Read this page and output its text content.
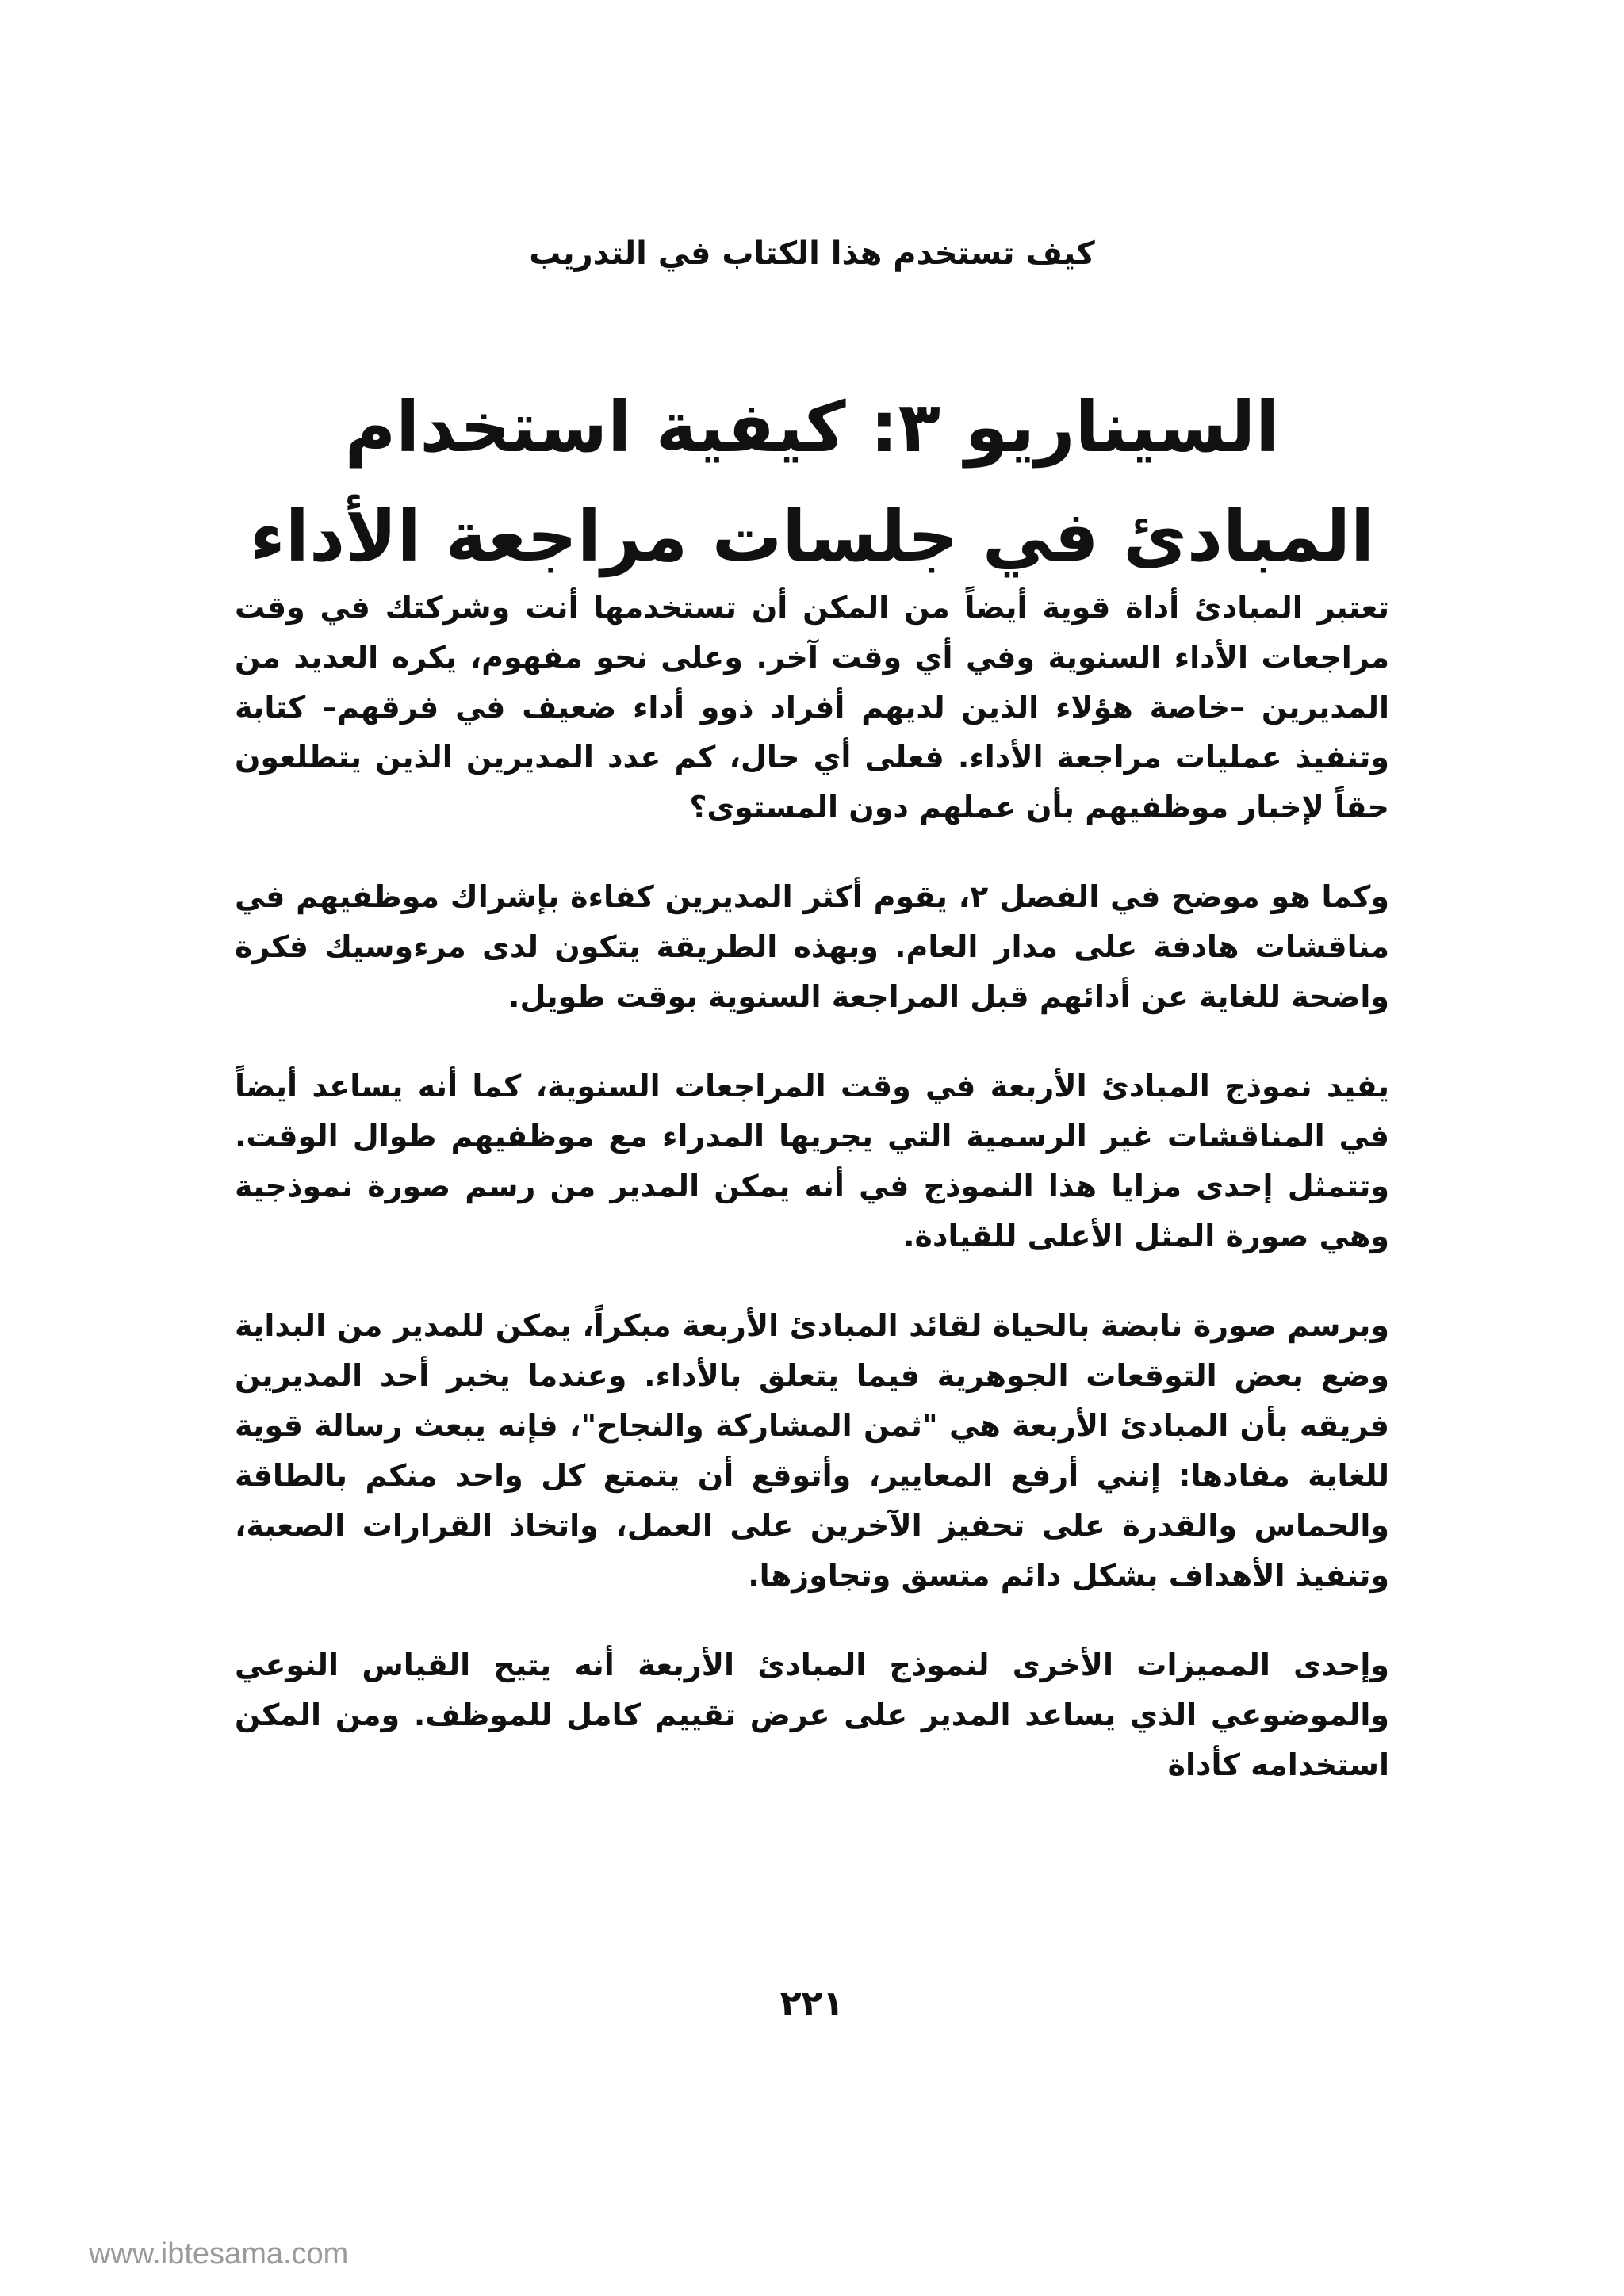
كيف تستخدم هذا الكتاب في التدريب
السيناريو ٣: كيفية استخدام المبادئ في جلسات مراجعة الأداء

تعتبر المبادئ أداة قوية أيضاً من المكن أن تستخدمها أنت وشركتك في وقت مراجعات الأداء السنوية وفي أي وقت آخر. وعلى نحو مفهوم، يكره العديد من المديرين –خاصة هؤلاء الذين لديهم أفراد ذوو أداء ضعيف في فرقهم– كتابة وتنفيذ عمليات مراجعة الأداء. فعلى أي حال، كم عدد المديرين الذين يتطلعون حقاً لإخبار موظفيهم بأن عملهم دون المستوى؟

وكما هو موضح في الفصل ٢، يقوم أكثر المديرين كفاءة بإشراك موظفيهم في مناقشات هادفة على مدار العام. وبهذه الطريقة يتكون لدى مرءوسيك فكرة واضحة للغاية عن أدائهم قبل المراجعة السنوية بوقت طويل.

يفيد نموذج المبادئ الأربعة في وقت المراجعات السنوية، كما أنه يساعد أيضاً في المناقشات غير الرسمية التي يجريها المدراء مع موظفيهم طوال الوقت. وتتمثل إحدى مزايا هذا النموذج في أنه يمكن المدير من رسم صورة نموذجية وهي صورة المثل الأعلى للقيادة.

وبرسم صورة نابضة بالحياة لقائد المبادئ الأربعة مبكراً، يمكن للمدير من البداية وضع بعض التوقعات الجوهرية فيما يتعلق بالأداء. وعندما يخبر أحد المديرين فريقه بأن المبادئ الأربعة هي "ثمن المشاركة والنجاح"، فإنه يبعث رسالة قوية للغاية مفادها: إنني أرفع المعايير، وأتوقع أن يتمتع كل واحد منكم بالطاقة والحماس والقدرة على تحفيز الآخرين على العمل، واتخاذ القرارات الصعبة، وتنفيذ الأهداف بشكل دائم متسق وتجاوزها.

وإحدى المميزات الأخرى لنموذج المبادئ الأربعة أنه يتيح القياس النوعي والموضوعي الذي يساعد المدير على عرض تقييم كامل للموظف. ومن المكن استخدامه كأداة

٢٢١
www.ibtesama.com
